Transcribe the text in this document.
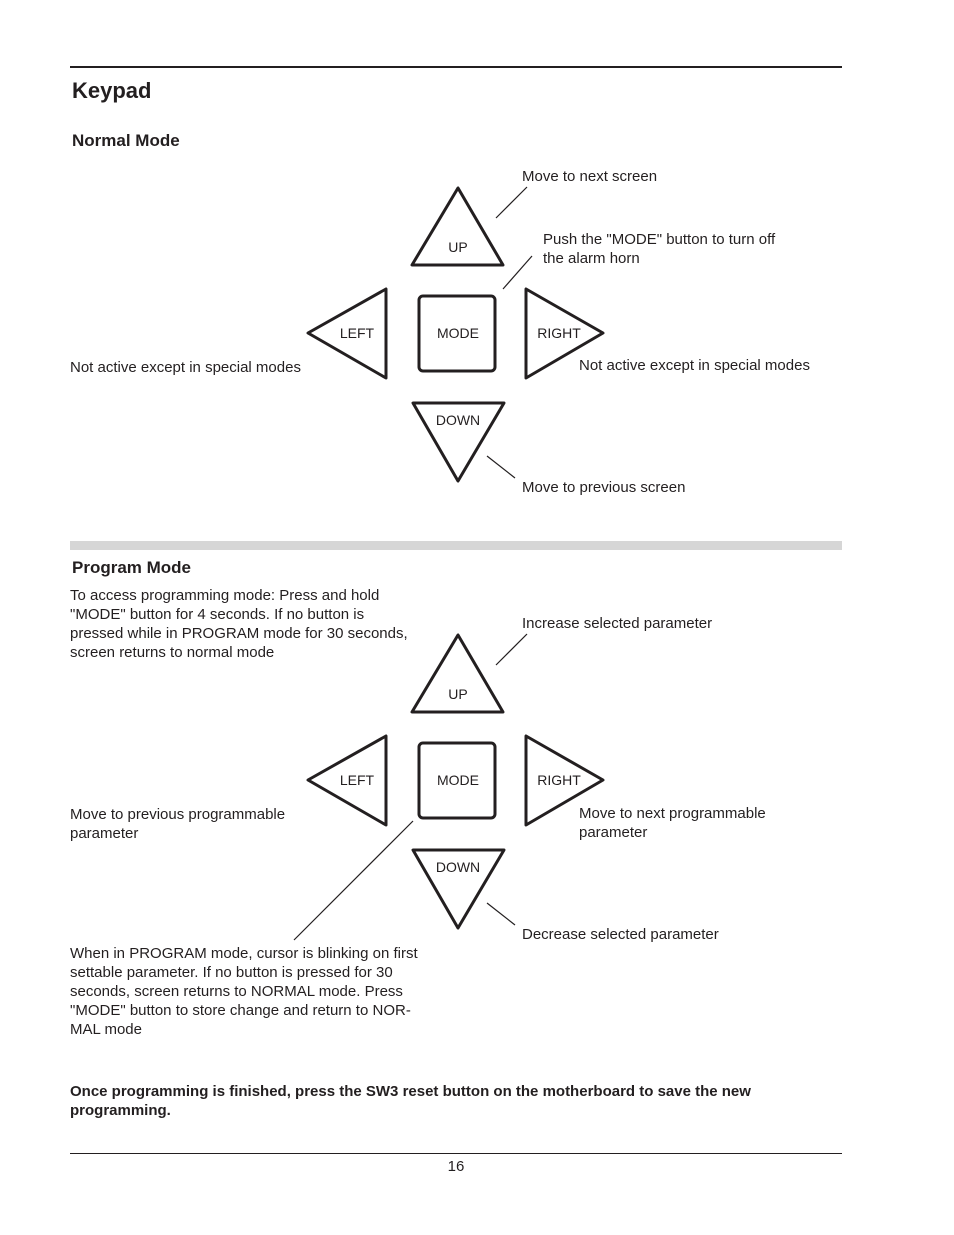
Keypad
Normal Mode
Move to next screen
Push the "MODE" button to turn off
the alarm horn
Not active except in special modes	Not active except in special modes
Move to previous screen
Program Mode
To access programming mode: Press and hold
"MODE" button for 4 seconds. If no button is
pressed while in PROGRAM mode for 30 seconds,
screen returns to normal mode
Increase selected parameter
Move to previous programmable
parameter
Move to next programmable
parameter
Decrease selected parameter
When in PROGRAM mode, cursor is blinking on first
settable parameter. If no button is pressed for 30
seconds, screen returns to NORMAL mode. Press
"MODE" button to store change and return to NOR-
MAL mode
Once programming is finished, press the SW3 reset button on the motherboard to save the new
programming.
16
UP
LEFT	MODE	RIGHT
DOWN
UP
LEFT	MODE	RIGHT
DOWN
